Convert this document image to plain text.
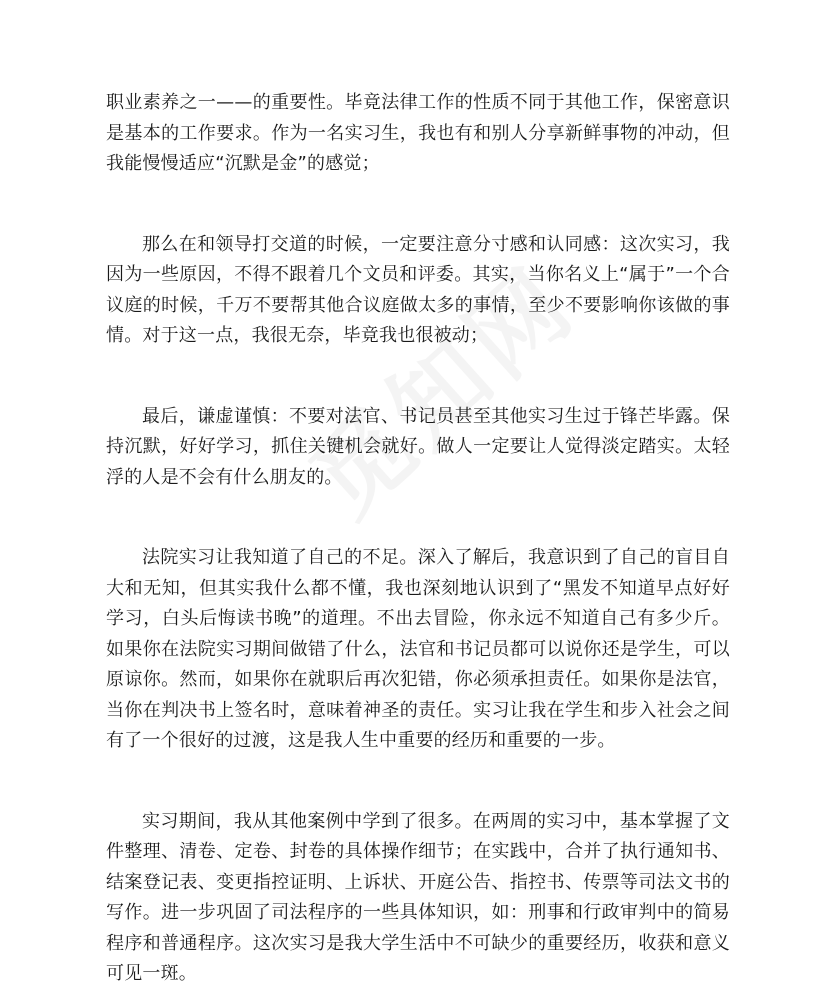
职业素养之一——的重要性。毕竟法律工作的性质不同于其他工作，保密意识是基本的工作要求。作为一名实习生，我也有和别人分享新鲜事物的冲动，但我能慢慢适应“沉默是金”的感觉；

那么在和领导打交道的时候，一定要注意分寸感和认同感：这次实习，我因为一些原因，不得不跟着几个文员和评委。其实，当你名义上“属于”一个合议庭的时候，千万不要帮其他合议庭做太多的事情，至少不要影响你该做的事情。对于这一点，我很无奈，毕竟我也很被动；

最后，谦虚谨慎：不要对法官、书记员甚至其他实习生过于锋芒毕露。保持沉默，好好学习，抓住关键机会就好。做人一定要让人觉得淡定踏实。太轻浮的人是不会有什么朋友的。

法院实习让我知道了自己的不足。深入了解后，我意识到了自己的盲目自大和无知，但其实我什么都不懂，我也深刻地认识到了“黑发不知道早点好好学习，白头后悔读书晚”的道理。不出去冒险，你永远不知道自己有多少斤。如果你在法院实习期间做错了什么，法官和书记员都可以说你还是学生，可以原谅你。然而，如果你在就职后再次犯错，你必须承担责任。如果你是法官，当你在判决书上签名时，意味着神圣的责任。实习让我在学生和步入社会之间有了一个很好的过渡，这是我人生中重要的经历和重要的一步。

实习期间，我从其他案例中学到了很多。在两周的实习中，基本掌握了文件整理、清卷、定卷、封卷的具体操作细节；在实践中，合并了执行通知书、结案登记表、变更指控证明、上诉状、开庭公告、指控书、传票等司法文书的写作。进一步巩固了司法程序的一些具体知识，如：刑事和行政审判中的简易程序和普通程序。这次实习是我大学生活中不可缺少的重要经历，收获和意义可见一斑。
